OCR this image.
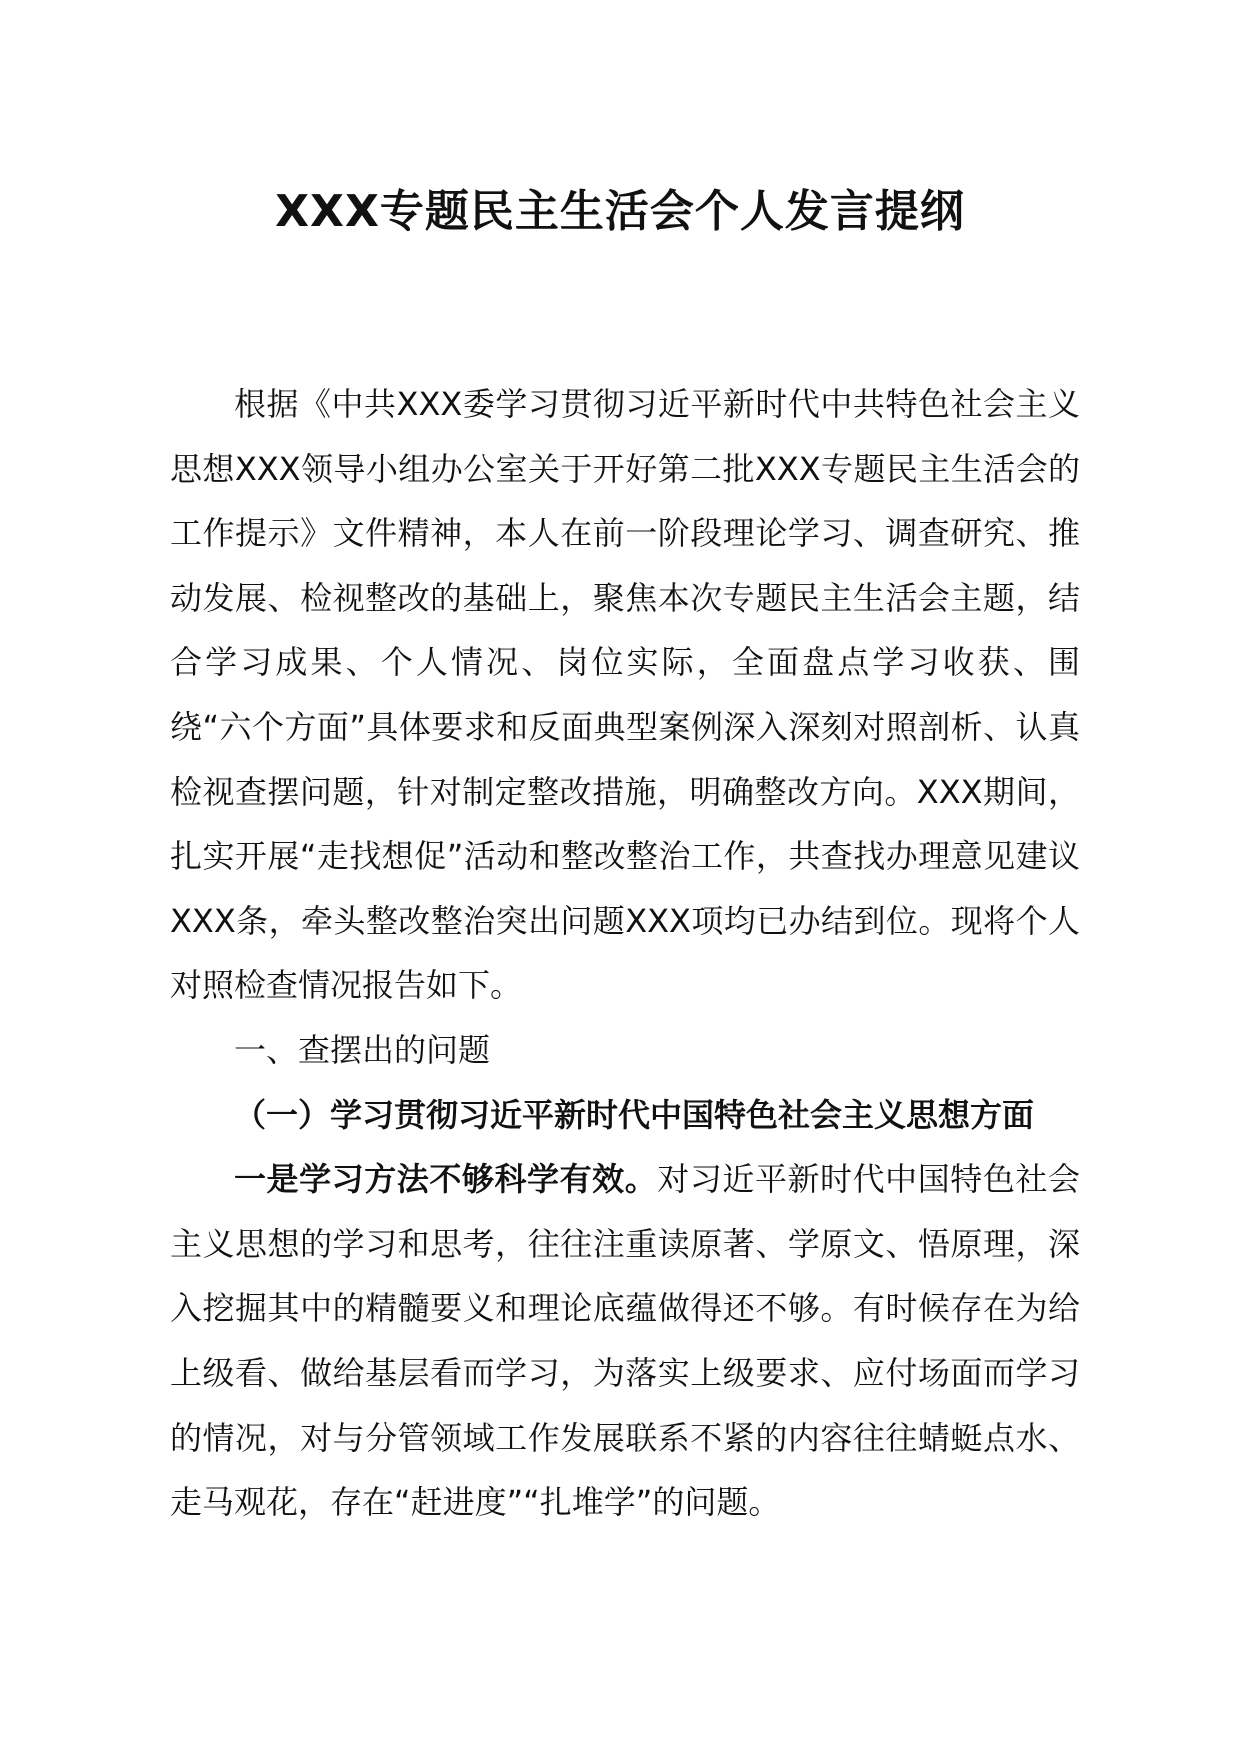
XXX专题民主生活会个人发言提纲

根据《中共XXX委学习贯彻习近平新时代中共特色社会主义思想XXX领导小组办公室关于开好第二批XXX专题民主生活会的工作提示》文件精神，本人在前一阶段理论学习、调查研究、推动发展、检视整改的基础上，聚焦本次专题民主生活会主题，结合学习成果、个人情况、岗位实际，全面盘点学习收获、围绕“六个方面”具体要求和反面典型案例深入深刻对照剖析、认真检视查摆问题，针对制定整改措施，明确整改方向。XXX期间，扎实开展“走找想促”活动和整改整治工作，共查找办理意见建议XXX条，牵头整改整治突出问题XXX项均已办结到位。现将个人对照检查情况报告如下。

一、查摆出的问题

（一）学习贯彻习近平新时代中国特色社会主义思想方面

一是学习方法不够科学有效。对习近平新时代中国特色社会主义思想的学习和思考，往往注重读原著、学原文、悟原理，深入挖掘其中的精髓要义和理论底蕴做得还不够。有时候存在为给上级看、做给基层看而学习，为落实上级要求、应付场面而学习的情况，对与分管领域工作发展联系不紧的内容往往蜻蜓点水、走马观花，存在“赶进度”“扎堆学”的问题。
